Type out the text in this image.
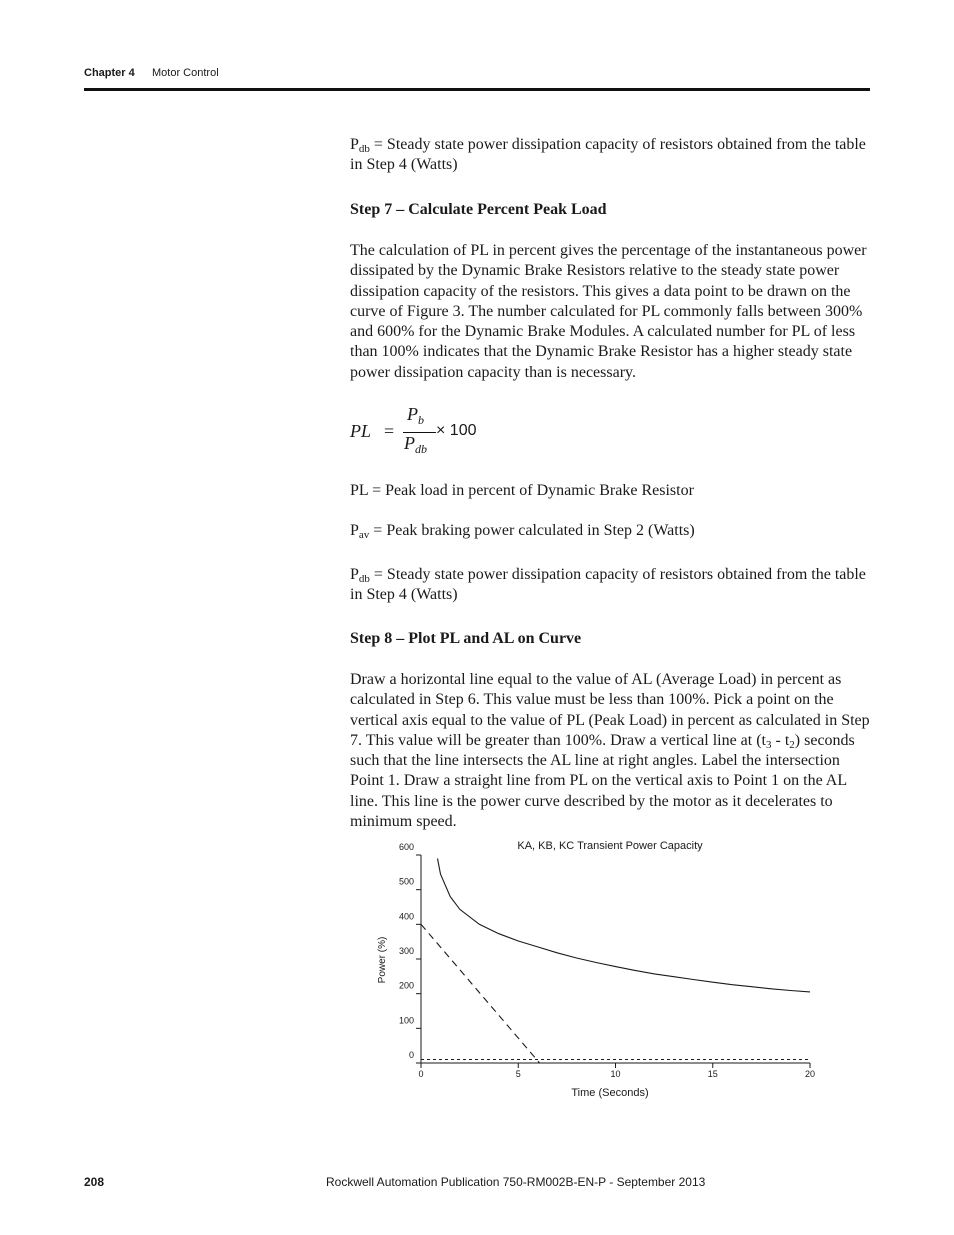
Chapter 4 Motor Control

$P_{db}$ = Steady state power dissipation capacity of resistors obtained from the table in Step 4 (Watts)

Step 7 – Calculate Percent Peak Load
The calculation of PL in percent gives the percentage of the instantaneous power dissipated by the Dynamic Brake Resistors relative to the steady state power dissipation capacity of the resistors. This gives a data point to be drawn on the curve of Figure 3. The number calculated for PL commonly falls between 300% and 600% for the Dynamic Brake Modules. A calculated number for PL of less than 100% indicates that the Dynamic Brake Resistor has a higher steady state power dissipation capacity than is necessary.
PL =
$P_b$
$P_{db}$
× 100
PL = Peak load in percent of Dynamic Brake Resistor

$P_{av}$ = Peak braking power calculated in Step 2 (Watts)

$P_{db}$ = Steady state power dissipation capacity of resistors obtained from the table in Step 4 (Watts)

Step 8 – Plot PL and AL on Curve

Draw a horizontal line equal to the value of AL (Average Load) in percent as calculated in Step 6. This value must be less than 100%. Pick a point on the vertical axis equal to the value of PL (Peak Load) in percent as calculated in Step 7. This value will be greater than 100%. Draw a vertical line at $(t_3 - t_2)$ seconds such that the line intersects the AL line at right angles. Label the intersection Point 1. Draw a straight line from PL on the vertical axis to Point 1 on the AL line. This line is the power curve described by the motor as it decelerates to minimum speed.

0
100
200
300
400
500
600
0	5	10	15	20
KA, KB, KC Transient Power Capacity
Time (Seconds)
Power (%)
208	Rockwell Automation Publication 750-RM002B-EN-P - September 2013
